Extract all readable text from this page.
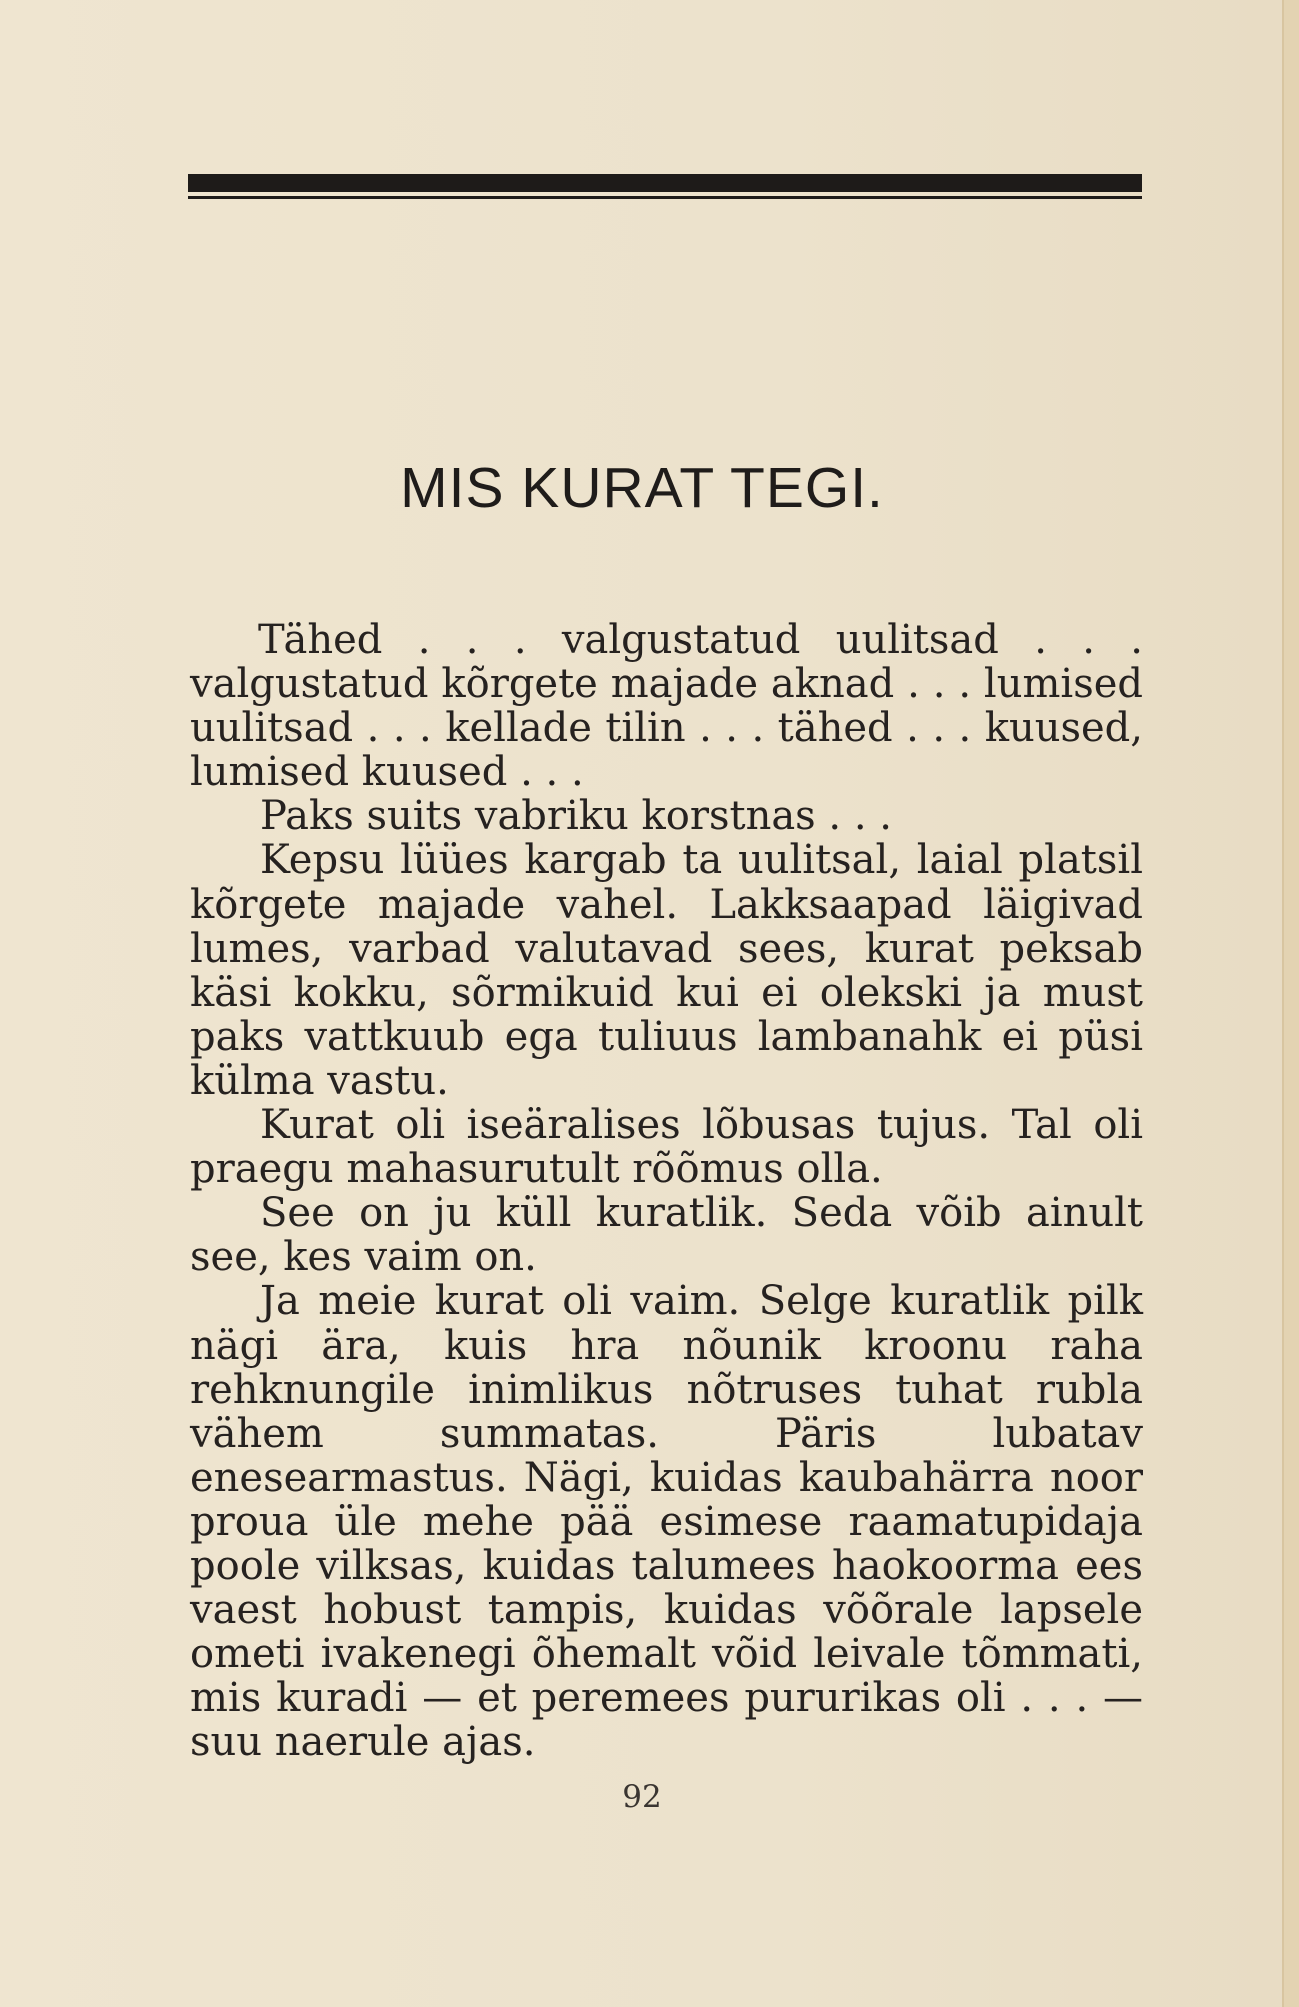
MIS KURAT TEGI.

Tähed . . . valgustatud uulitsad . . . valgustatud kõrgete majade aknad . . . lumised uulitsad . . . kellade tilin . . . tähed . . . kuused, lumised kuused . . .

Paks suits vabriku korstnas . . .

Kepsu lüües kargab ta uulitsal, laial platsil kõrgete majade vahel. Lakksaapad läigivad lumes, varbad valutavad sees, kurat peksab käsi kokku, sõrmikuid kui ei olekski ja must paks vattkuub ega tuliuus lambanahk ei püsi külma vastu.

Kurat oli iseäralises lõbusas tujus. Tal oli praegu mahasurutult rõõmus olla.

See on ju küll kuratlik. Seda võib ainult see, kes vaim on.

Ja meie kurat oli vaim. Selge kuratlik pilk nägi ära, kuis hra nõunik kroonu raha rehknungile inimlikus nõtruses tuhat rubla vähem summatas. Päris lubatav enesearmastus. Nägi, kuidas kaubahärra noor proua üle mehe pää esimese raamatupidaja poole vilksas, kuidas talumees haokoorma ees vaest hobust tampis, kuidas võõrale lapsele ometi ivakenegi õhemalt võid leivale tõmmati, mis kuradi — et peremees pururikas oli . . . — suu naerule ajas.

92
